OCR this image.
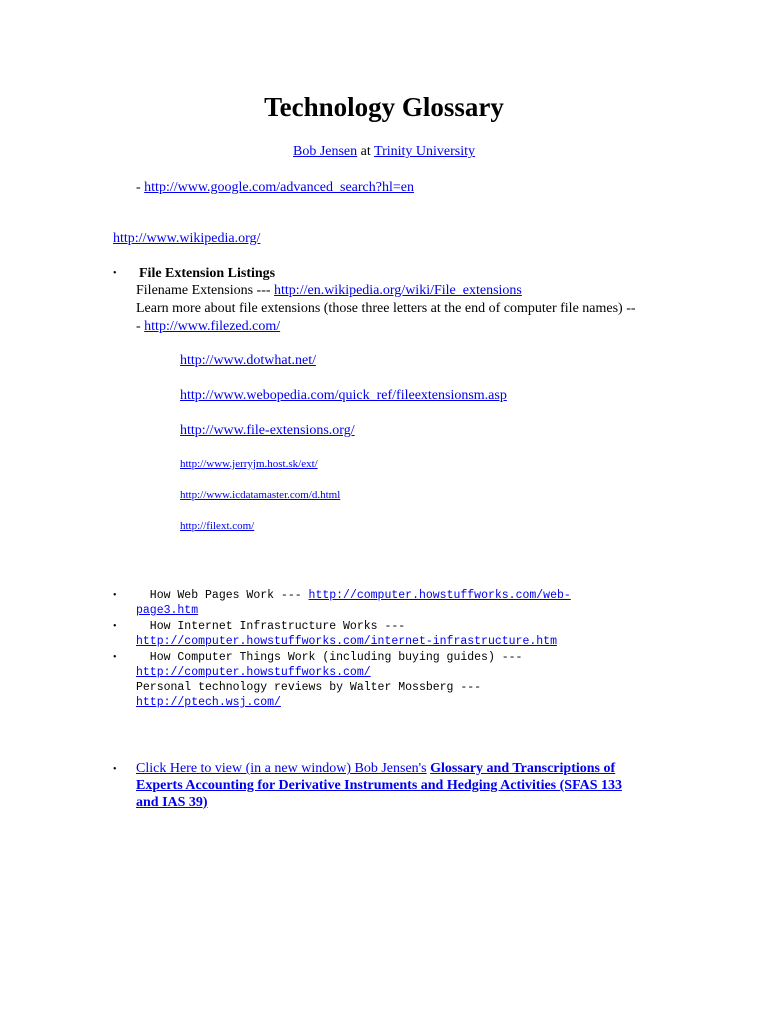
Technology Glossary
Bob Jensen at Trinity University
- http://www.google.com/advanced_search?hl=en
http://www.wikipedia.org/
• File Extension Listings
Filename Extensions --- http://en.wikipedia.org/wiki/File_extensions
Learn more about file extensions (those three letters at the end of computer file names) --
- http://www.filezed.com/
http://www.dotwhat.net/
http://www.webopedia.com/quick_ref/fileextensionsm.asp
http://www.file-extensions.org/
http://www.jerryjm.host.sk/ext/
http://www.icdatamaster.com/d.html
http://filext.com/
• How Web Pages Work --- http://computer.howstuffworks.com/web-
page3.htm
• How Internet Infrastructure Works ---
http://computer.howstuffworks.com/internet-infrastructure.htm
• How Computer Things Work (including buying guides) ---
http://computer.howstuffworks.com/
Personal technology reviews by Walter Mossberg ---
http://ptech.wsj.com/
• Click Here to view (in a new window) Bob Jensen's Glossary and Transcriptions of
Experts Accounting for Derivative Instruments and Hedging Activities (SFAS 133
and IAS 39)
